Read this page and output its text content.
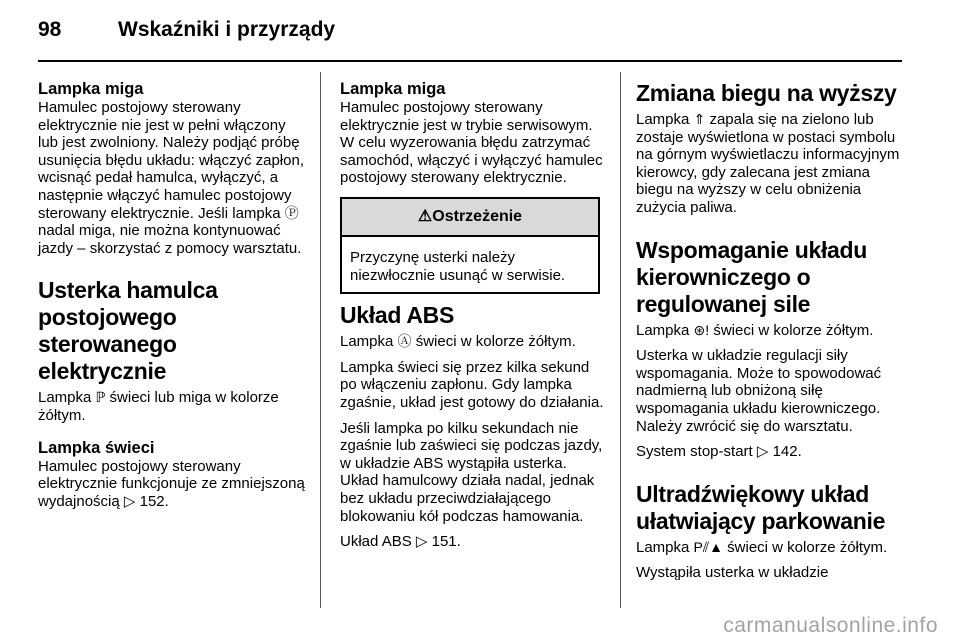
98	Wskaźniki i przyrządy
Lampka miga

Hamulec postojowy sterowany elektrycznie nie jest w pełni włączony lub jest zwolniony. Należy podjąć próbę usunięcia błędu układu: włączyć zapłon, wcisnąć pedał hamulca, wyłączyć, a następnie włączyć hamulec postojowy sterowany elektrycznie. Jeśli lampka Ⓟ nadal miga, nie można kontynuować jazdy – skorzystać z pomocy warsztatu.

Usterka hamulca postojowego sterowanego elektrycznie

Lampka ℙ świeci lub miga w kolorze żółtym.

Lampka świeci

Hamulec postojowy sterowany elektrycznie funkcjonuje ze zmniejszoną wydajnością ▷ 152.

Lampka miga

Hamulec postojowy sterowany elektrycznie jest w trybie serwisowym. W celu wyzerowania błędu zatrzymać samochód, włączyć i wyłączyć hamulec postojowy sterowany elektrycznie.

⚠Ostrzeżenie

Przyczynę usterki należy niezwłocznie usunąć w serwisie.

Układ ABS

Lampka Ⓐ świeci w kolorze żółtym.

Lampka świeci się przez kilka sekund po włączeniu zapłonu. Gdy lampka zgaśnie, układ jest gotowy do działania.

Jeśli lampka po kilku sekundach nie zgaśnie lub zaświeci się podczas jazdy, w układzie ABS wystąpiła usterka. Układ hamulcowy działa nadal, jednak bez układu przeciwdziałającego blokowaniu kół podczas hamowania.

Układ ABS ▷ 151.

Zmiana biegu na wyższy

Lampka ⇑ zapala się na zielono lub zostaje wyświetlona w postaci symbolu na górnym wyświetlaczu informacyjnym kierowcy, gdy zalecana jest zmiana biegu na wyższy w celu obniżenia zużycia paliwa.

Wspomaganie układu kierowniczego o regulowanej sile

Lampka ⊛! świeci w kolorze żółtym.

Usterka w układzie regulacji siły wspomagania. Może to spowodować nadmierną lub obniżoną siłę wspomagania układu kierowniczego. Należy zwrócić się do warsztatu.

System stop-start ▷ 142.

Ultradźwiękowy układ ułatwiający parkowanie

Lampka P⫽▲ świeci w kolorze żółtym.

Wystąpiła usterka w układzie

carmanualsonline.info
